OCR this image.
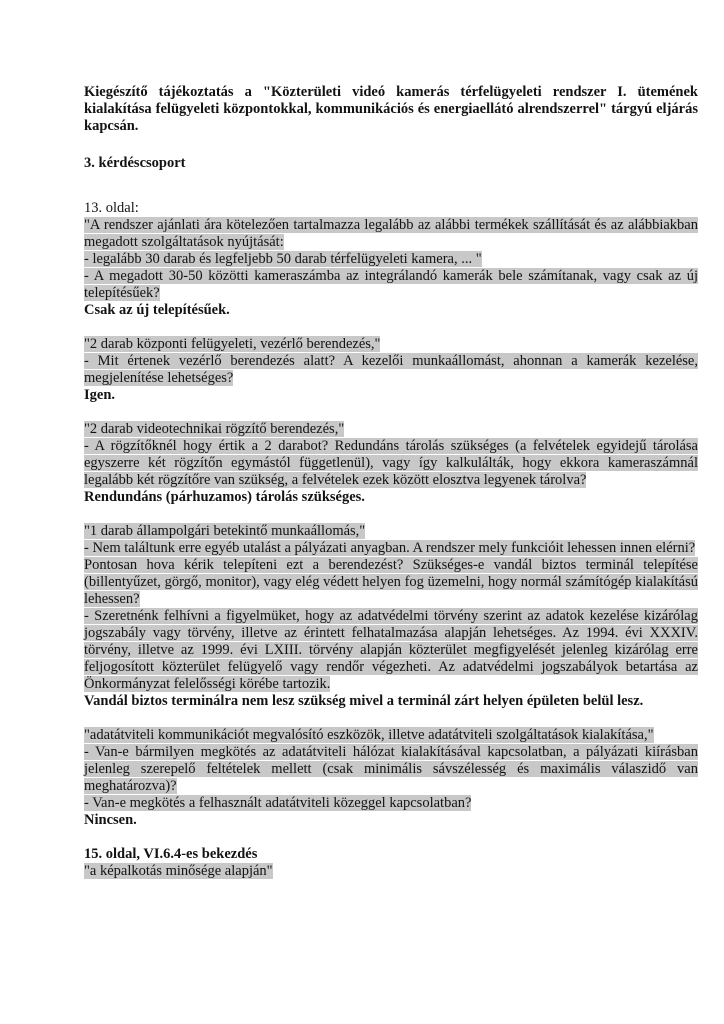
Kiegészítő tájékoztatás a "Közterületi videó kamerás térfelügyeleti rendszer I. ütemének kialakítása felügyeleti központokkal, kommunikációs és energiaellátó alrendszerrel" tárgyú eljárás kapcsán.

3. kérdéscsoport

13. oldal:

"A rendszer ajánlati ára kötelezően tartalmazza legalább az alábbi termékek szállítását és az alábbiakban megadott szolgáltatások nyújtását:

- legalább 30 darab és legfeljebb 50 darab térfelügyeleti kamera, ... "

- A megadott 30-50 közötti kameraszámba az integrálandó kamerák bele számítanak, vagy csak az új telepítésűek?

Csak az új telepítésűek.

"2 darab központi felügyeleti, vezérlő berendezés,"

- Mit értenek vezérlő berendezés alatt? A kezelői munkaállomást, ahonnan a kamerák kezelése, megjelenítése lehetséges?

Igen.

"2 darab videotechnikai rögzítő berendezés,"

- A rögzítőknél hogy értik a 2 darabot? Redundáns tárolás szükséges (a felvételek egyidejű tárolása egyszerre két rögzítőn egymástól függetlenül), vagy így kalkulálták, hogy ekkora kameraszámnál legalább két rögzítőre van szükség, a felvételek ezek között elosztva legyenek tárolva?

Rendundáns (párhuzamos) tárolás szükséges.

"1 darab állampolgári betekintő munkaállomás,"

- Nem találtunk erre egyéb utalást a pályázati anyagban. A rendszer mely funkcióit lehessen innen elérni?

Pontosan hova kérik telepíteni ezt a berendezést? Szükséges-e vandál biztos terminál telepítése (billentyűzet, görgő, monitor), vagy elég védett helyen fog üzemelni, hogy normál számítógép kialakítású lehessen?

- Szeretnénk felhívni a figyelmüket, hogy az adatvédelmi törvény szerint az adatok kezelése kizárólag jogszabály vagy törvény, illetve az érintett felhatalmazása alapján lehetséges. Az 1994. évi XXXIV. törvény, illetve az 1999. évi LXIII. törvény alapján közterület megfigyelését jelenleg kizárólag erre feljogosított közterület felügyelő vagy rendőr végezheti. Az adatvédelmi jogszabályok betartása az Önkormányzat felelősségi körébe tartozik.

Vandál biztos terminálra nem lesz szükség mivel a terminál zárt helyen épületen belül lesz.

"adatátviteli kommunikációt megvalósító eszközök, illetve adatátviteli szolgáltatások kialakítása,"

- Van-e bármilyen megkötés az adatátviteli hálózat kialakításával kapcsolatban, a pályázati kiírásban jelenleg szerepelő feltételek mellett (csak minimális sávszélesség és maximális válaszidő van meghatározva)?

- Van-e megkötés a felhasznált adatátviteli közeggel kapcsolatban?

Nincsen.

15. oldal, VI.6.4-es bekezdés

"a képalkotás minősége alapján"
